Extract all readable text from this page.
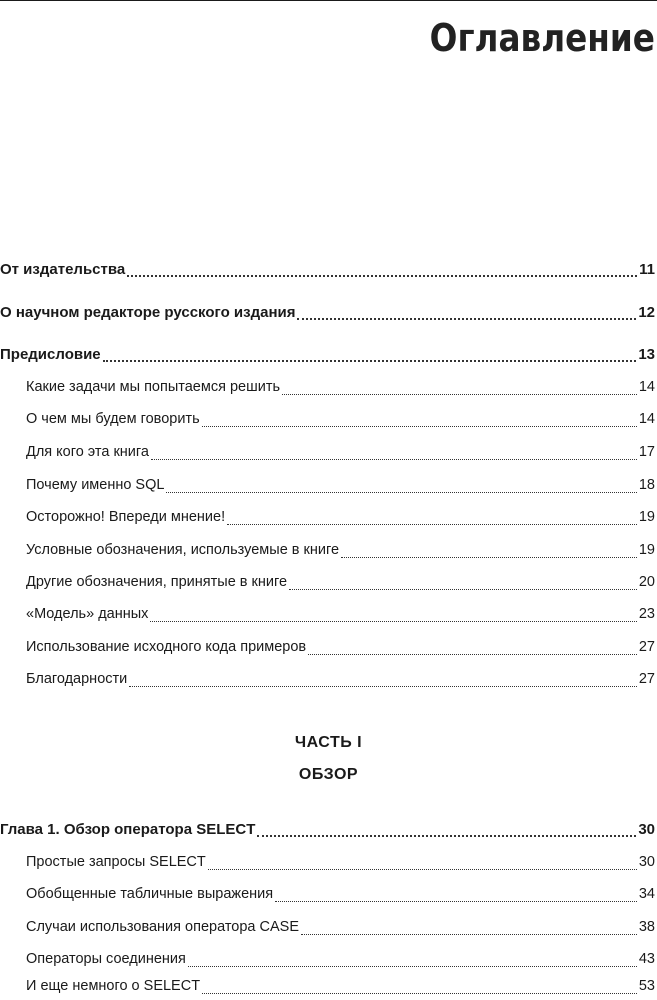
Оглавление
От издательства	11
О научном редакторе русского издания	12
Предисловие	13
Какие задачи мы попытаемся решить	14
О чем мы будем говорить	14
Для кого эта книга	17
Почему именно SQL	18
Осторожно! Впереди мнение!	19
Условные обозначения, используемые в книге	19
Другие обозначения, принятые в книге	20
«Модель» данных	23
Использование исходного кода примеров	27
Благодарности	27
ЧАСТЬ I
ОБЗОР
Глава 1. Обзор оператора SELECT	30
Простые запросы SELECT	30
Обобщенные табличные выражения	34
Случаи использования оператора CASE	38
Операторы соединения	43
И еще немного о SELECT	53
